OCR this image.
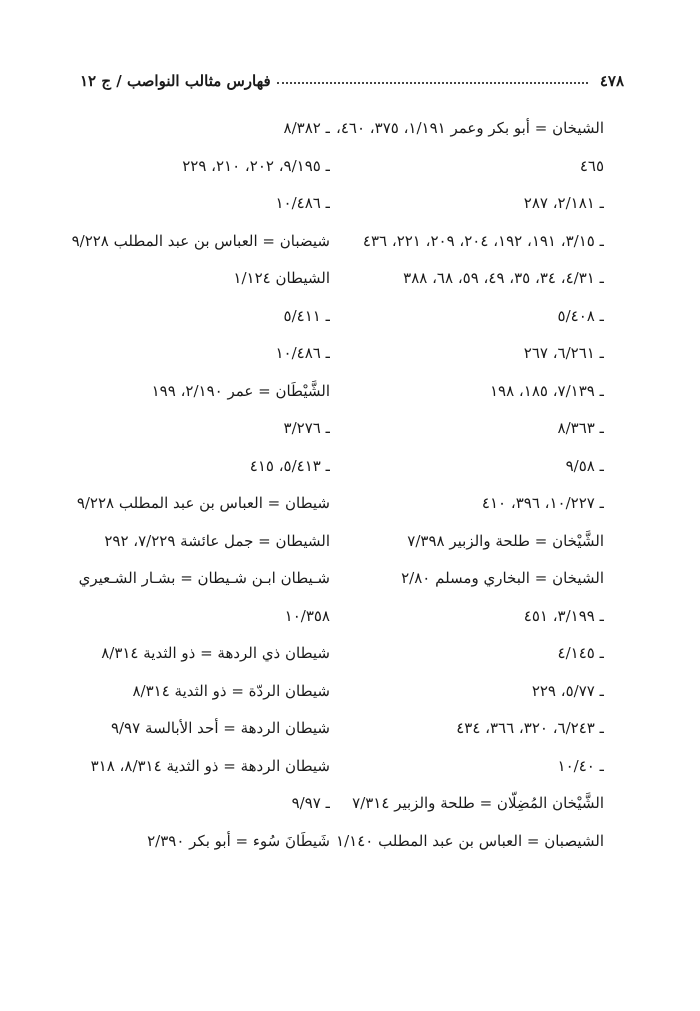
٤٧٨
فهارس مثالب النواصب / ج ١٢
الشيخان = أبو بكر وعمر ١/١٩١، ٣٧٥، ٤٦٠،
٤٦٥
ـ ٢/١٨١، ٢٨٧
ـ ٣/١٥، ١٩١، ١٩٢، ٢٠٤، ٢٠٩، ٢٢١، ٤٣٦
ـ ٤/٣١، ٣٤، ٣٥، ٤٩، ٥٩، ٦٨، ٣٨٨
ـ ٥/٤٠٨
ـ ٦/٢٦١، ٢٦٧
ـ ٧/١٣٩، ١٨٥، ١٩٨
ـ ٨/٣٦٣
ـ ٩/٥٨
ـ ١٠/٢٢٧، ٣٩٦، ٤١٠
الشَّيْخان = طلحة والزبير ٧/٣٩٨
الشيخان = البخاري ومسلم ٢/٨٠
ـ ٣/١٩٩، ٤٥١
ـ ٤/١٤٥
ـ ٥/٧٧، ٢٢٩
ـ ٦/٢٤٣، ٣٢٠، ٣٦٦، ٤٣٤
ـ ١٠/٤٠
الشَّيْخان المُضِلّان = طلحة والزبير ٧/٣١٤
الشيصبان = العباس بن عبد المطلب ١/١٤٠
ـ ٨/٣٨٢
ـ ٩/١٩٥، ٢٠٢، ٢١٠، ٢٢٩
ـ ١٠/٤٨٦
شيضبان = العباس بن عبد المطلب ٩/٢٢٨
الشيطان ١/١٢٤
ـ ٥/٤١١
ـ ١٠/٤٨٦
الشَّيْطَان = عمر ٢/١٩٠، ١٩٩
ـ ٣/٢٧٦
ـ ٥/٤١٣، ٤١٥
شيطان = العباس بن عبد المطلب ٩/٢٢٨
الشيطان = جمل عائشة ٧/٢٢٩، ٢٩٢
شـيطان ابـن شـيطان = بشـار الشـعيري
١٠/٣٥٨
شيطان ذي الردهة = ذو الثدية ٨/٣١٤
شيطان الردّة = ذو الثدية ٨/٣١٤
شيطان الردهة = أحد الأبالسة ٩/٩٧
شيطان الردهة = ذو الثدية ٨/٣١٤، ٣١٨
ـ ٩/٩٧
شَيطَانَ سُوء = أبو بكر ٢/٣٩٠
